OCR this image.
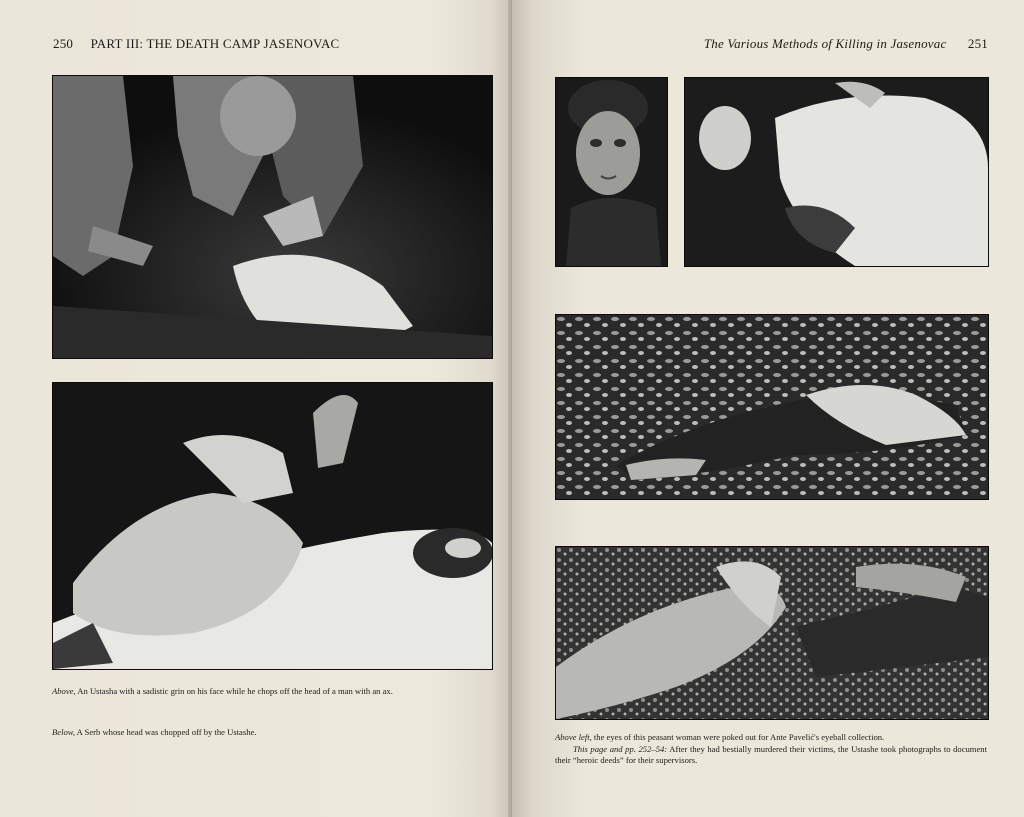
250 PART III: THE DEATH CAMP JASENOVAC

Above, An Ustasha with a sadistic grin on his face while he chops off the head of a man with an ax.

Below, A Serb whose head was chopped off by the Ustashe.

The Various Methods of Killing in Jasenovac 251

Above left, the eyes of this peasant woman were poked out for Ante Pavelić's eyeball collection.

This page and pp. 252–54: After they had bestially murdered their victims, the Ustashe took photographs to document their “heroic deeds” for their supervisors.
